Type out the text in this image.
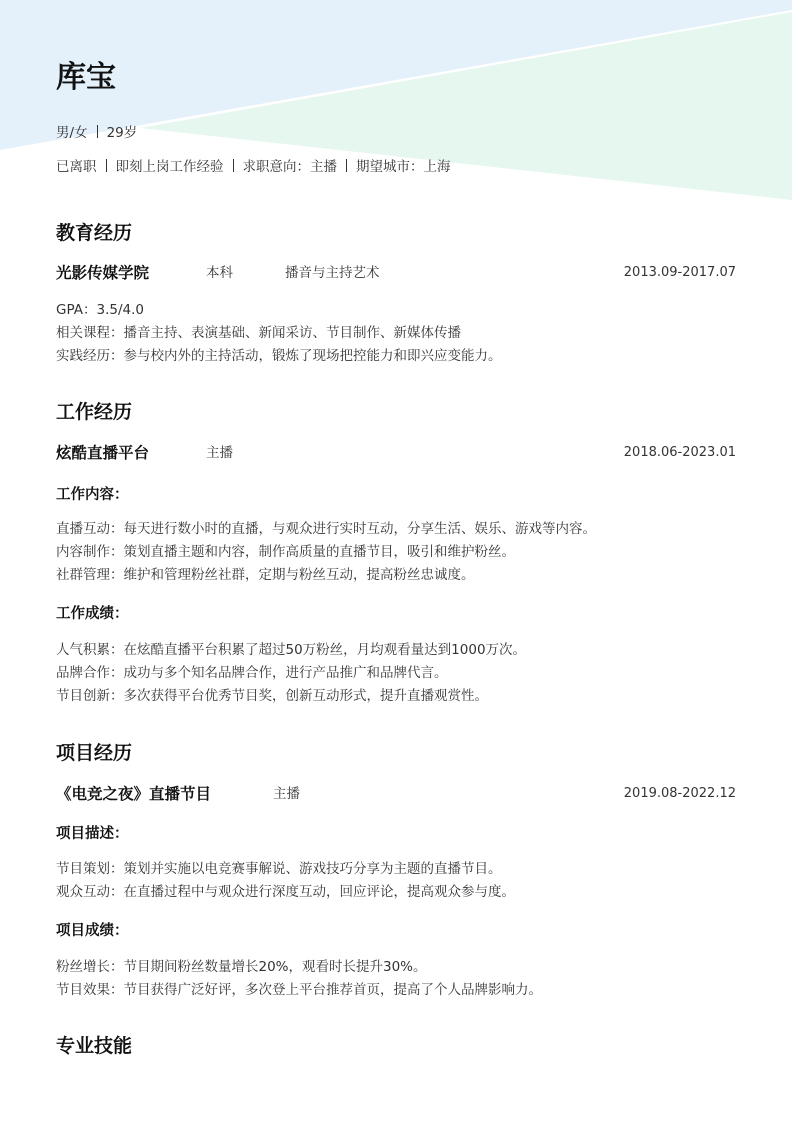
库宝
男/女 29岁
已离职 即刻上岗工作经验 求职意向：主播 期望城市：上海
教育经历
光影传媒学院	本科	播音与主持艺术	2013.09-2017.07
GPA：3.5/4.0
相关课程：播音主持、表演基础、新闻采访、节目制作、新媒体传播
实践经历：参与校内外的主持活动，锻炼了现场把控能力和即兴应变能力。
工作经历
炫酷直播平台	主播	2018.06-2023.01
工作内容：
直播互动：每天进行数小时的直播，与观众进行实时互动，分享生活、娱乐、游戏等内容。
内容制作：策划直播主题和内容，制作高质量的直播节目，吸引和维护粉丝。
社群管理：维护和管理粉丝社群，定期与粉丝互动，提高粉丝忠诚度。
工作成绩：
人气积累：在炫酷直播平台积累了超过50万粉丝，月均观看量达到1000万次。
品牌合作：成功与多个知名品牌合作，进行产品推广和品牌代言。
节目创新：多次获得平台优秀节目奖，创新互动形式，提升直播观赏性。
项目经历
《电竞之夜》直播节目	主播	2019.08-2022.12
项目描述：
节目策划：策划并实施以电竞赛事解说、游戏技巧分享为主题的直播节目。
观众互动：在直播过程中与观众进行深度互动，回应评论，提高观众参与度。
项目成绩：
粉丝增长：节目期间粉丝数量增长20%，观看时长提升30%。
节目效果：节目获得广泛好评，多次登上平台推荐首页，提高了个人品牌影响力。
专业技能
